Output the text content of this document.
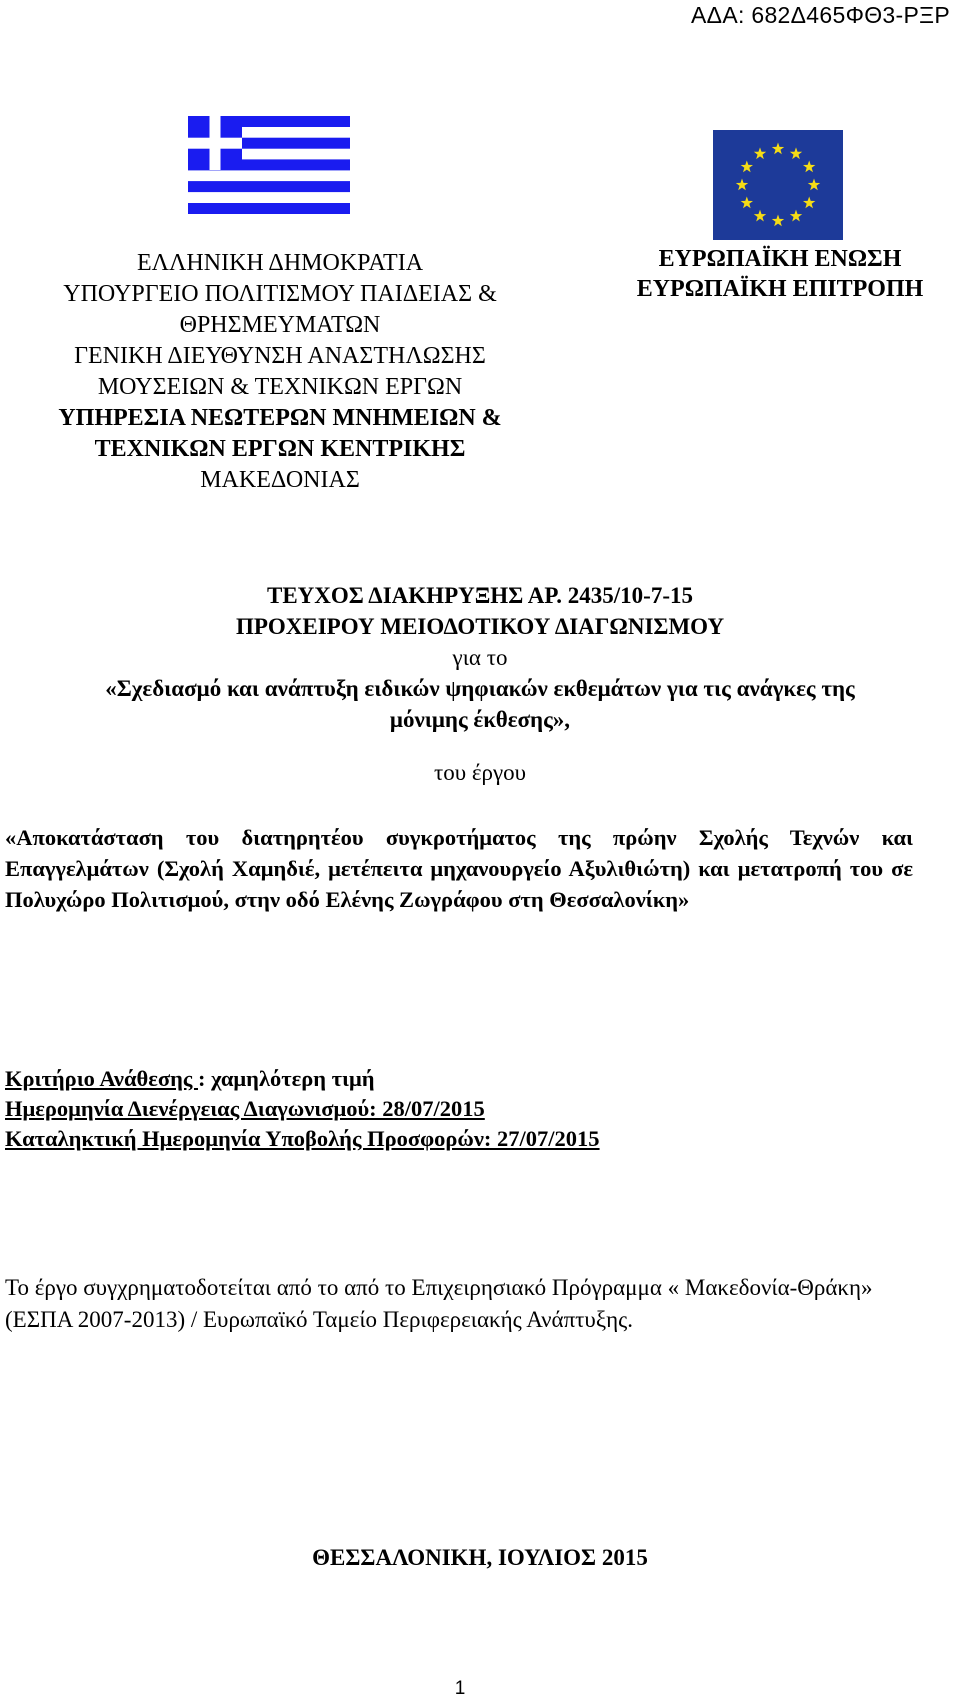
ΑΔΑ: 682Δ465ΦΘ3-ΡΞΡ
ΕΛΛΗΝΙΚΗ ΔΗΜΟΚΡΑΤΙΑ
ΥΠΟΥΡΓΕΙΟ ΠΟΛΙΤΙΣΜΟΥ ΠΑΙΔΕΙΑΣ &
ΘΡΗΣΜΕΥΜΑΤΩΝ
ΓΕΝΙΚΗ ΔΙΕΥΘΥΝΣΗ ΑΝΑΣΤΗΛΩΣΗΣ
ΜΟΥΣΕΙΩΝ & ΤΕΧΝΙΚΩΝ ΕΡΓΩΝ
ΥΠΗΡΕΣΙΑ ΝΕΩΤΕΡΩΝ ΜΝΗΜΕΙΩΝ &
ΤΕΧΝΙΚΩΝ ΕΡΓΩΝ ΚΕΝΤΡΙΚΗΣ
ΜΑΚΕΔΟΝΙΑΣ
ΕΥΡΩΠΑΪΚΗ ΕΝΩΣΗ
ΕΥΡΩΠΑΪΚΗ ΕΠΙΤΡΟΠΗ
ΤΕΥΧΟΣ ΔΙΑΚΗΡΥΞΗΣ ΑΡ. 2435/10-7-15
ΠΡΟΧΕΙΡΟΥ ΜΕΙΟΔΟΤΙΚΟΥ ΔΙΑΓΩΝΙΣΜΟΥ
για το
«Σχεδιασμό και ανάπτυξη ειδικών ψηφιακών εκθεμάτων για τις ανάγκες της
μόνιμης έκθεσης»,
του έργου
«Αποκατάσταση του διατηρητέου συγκροτήματος της πρώην Σχολής Τεχνών και Επαγγελμάτων (Σχολή Χαμηδιέ, μετέπειτα μηχανουργείο Αξυλιθιώτη) και μετατροπή του σε Πολυχώρο Πολιτισμού, στην οδό Ελένης Ζωγράφου στη Θεσσαλονίκη»
Κριτήριο Ανάθεσης : χαμηλότερη τιμή
Ημερομηνία Διενέργειας Διαγωνισμού: 28/07/2015
Καταληκτική Ημερομηνία Υποβολής Προσφορών: 27/07/2015
Το έργο συγχρηματοδοτείται από το από το Επιχειρησιακό Πρόγραμμα « Μακεδονία-Θράκη» (ΕΣΠΑ 2007-2013) / Ευρωπαϊκό Ταμείο Περιφερειακής Ανάπτυξης.
ΘΕΣΣΑΛΟΝΙΚΗ, ΙΟΥΛΙΟΣ 2015
1
